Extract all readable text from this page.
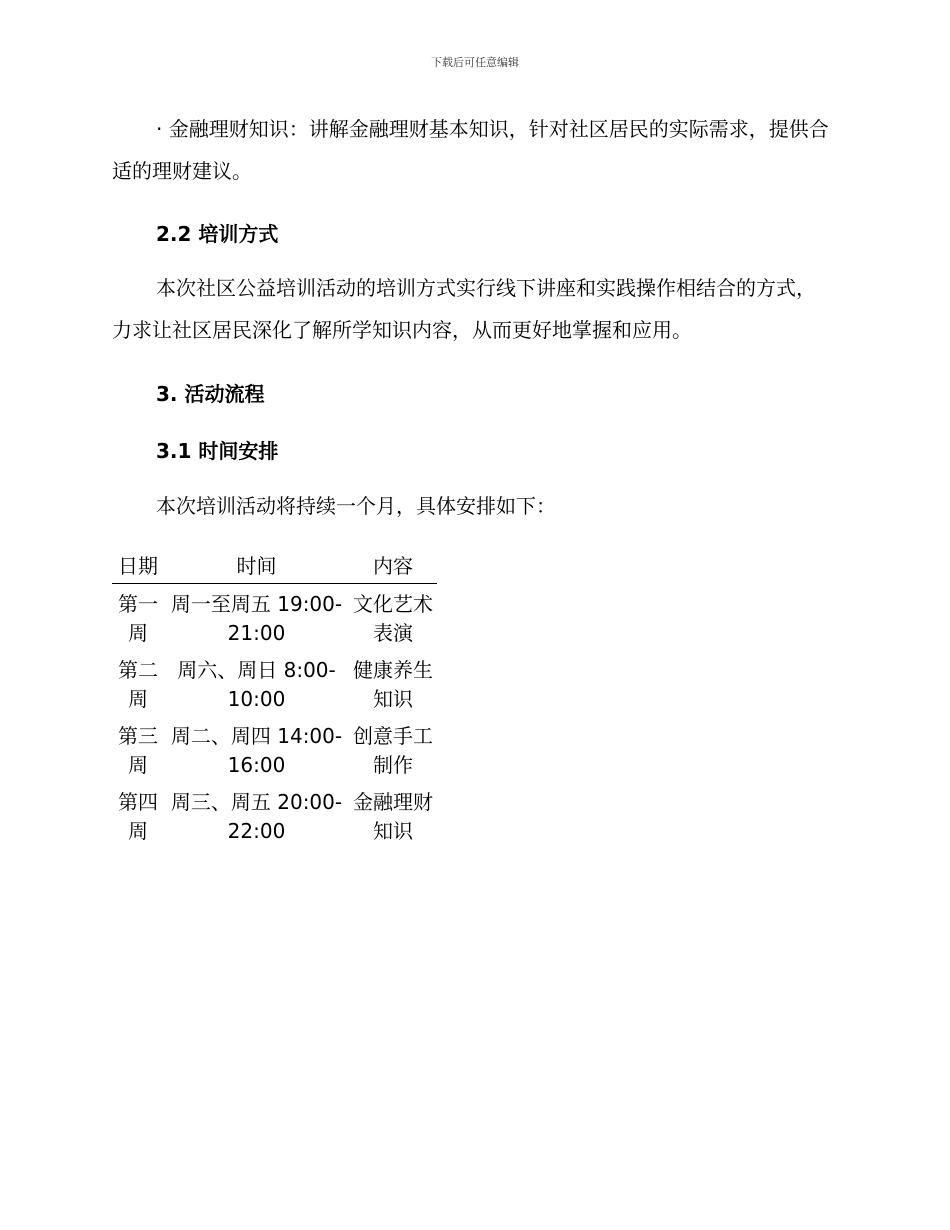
下载后可任意编辑

· 金融理财知识：讲解金融理财基本知识，针对社区居民的实际需求，提供合适的理财建议。

2.2 培训方式

本次社区公益培训活动的培训方式实行线下讲座和实践操作相结合的方式，力求让社区居民深化了解所学知识内容，从而更好地掌握和应用。

3. 活动流程
3.1 时间安排

本次培训活动将持续一个月，具体安排如下：

日期	时间	内容
第一周	周一至周五 19:00-21:00	文化艺术表演
第二周	周六、周日 8:00-10:00	健康养生知识
第三周	周二、周四 14:00-16:00	创意手工制作
第四周	周三、周五 20:00-22:00	金融理财知识
